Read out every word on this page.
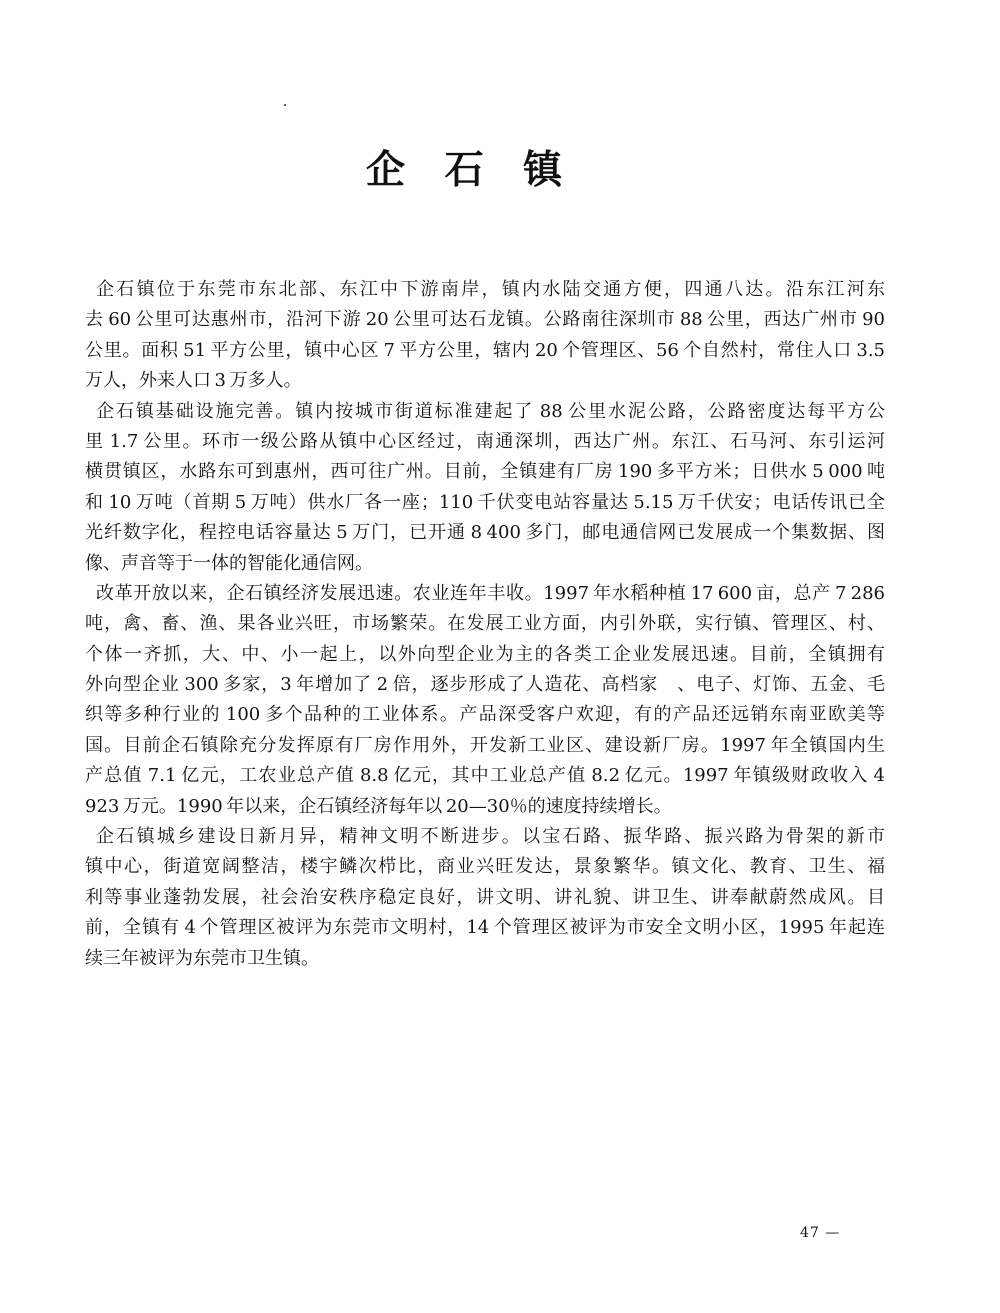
企 石 镇
企石镇位于东莞市东北部、东江中下游南岸，镇内水陆交通方便，四通八达。沿东江河东
去 60 公里可达惠州市，沿河下游 20 公里可达石龙镇。公路南往深圳市 88 公里，西达广州市 90
公里。面积 51 平方公里，镇中心区 7 平方公里，辖内 20 个管理区、56 个自然村，常住人口 3.5
万人，外来人口 3 万多人。
企石镇基础设施完善。镇内按城市街道标准建起了 88 公里水泥公路，公路密度达每平方公
里 1.7 公里。环市一级公路从镇中心区经过，南通深圳，西达广州。东江、石马河、东引运河
横贯镇区，水路东可到惠州，西可往广州。目前，全镇建有厂房 190 多平方米；日供水 5 000 吨
和 10 万吨（首期 5 万吨）供水厂各一座；110 千伏变电站容量达 5.15 万千伏安；电话传讯已全
光纤数字化，程控电话容量达 5 万门，已开通 8 400 多门，邮电通信网已发展成一个集数据、图
像、声音等于一体的智能化通信网。
改革开放以来，企石镇经济发展迅速。农业连年丰收。1997 年水稻种植 17 600 亩，总产 7 286
吨，禽、畜、渔、果各业兴旺，市场繁荣。在发展工业方面，内引外联，实行镇、管理区、村、
个体一齐抓，大、中、小一起上，以外向型企业为主的各类工企业发展迅速。目前，全镇拥有
外向型企业 300 多家，3 年增加了 2 倍，逐步形成了人造花、高档家　、电子、灯饰、五金、毛
织等多种行业的 100 多个品种的工业体系。产品深受客户欢迎，有的产品还远销东南亚欧美等
国。目前企石镇除充分发挥原有厂房作用外，开发新工业区、建设新厂房。1997 年全镇国内生
产总值 7.1 亿元，工农业总产值 8.8 亿元，其中工业总产值 8.2 亿元。1997 年镇级财政收入 4
923 万元。1990 年以来，企石镇经济每年以 20—30％的速度持续增长。
企石镇城乡建设日新月异，精神文明不断进步。以宝石路、振华路、振兴路为骨架的新市
镇中心，街道宽阔整洁，楼宇鳞次栉比，商业兴旺发达，景象繁华。镇文化、教育、卫生、福
利等事业蓬勃发展，社会治安秩序稳定良好，讲文明、讲礼貌、讲卫生、讲奉献蔚然成风。目
前，全镇有 4 个管理区被评为东莞市文明村，14 个管理区被评为市安全文明小区，1995 年起连
续三年被评为东莞市卫生镇。
47 —
